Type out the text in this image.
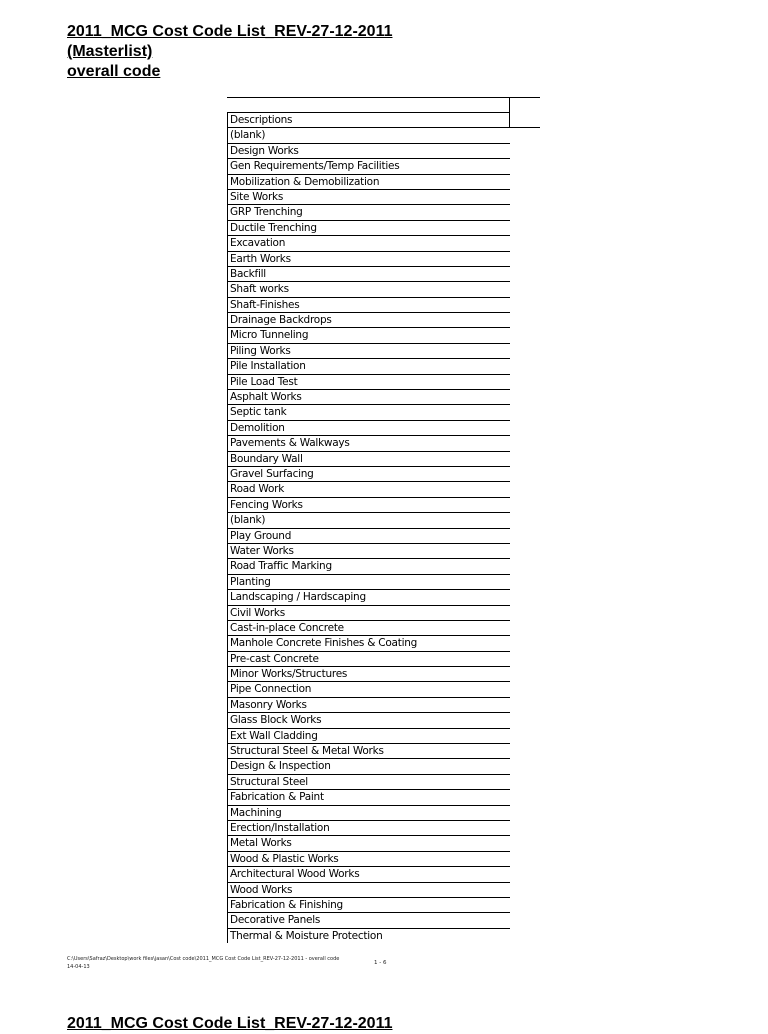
2011_MCG Cost Code List_REV-27-12-2011
(Masterlist)
overall code
Descriptions
(blank)
Design Works
Gen Requirements/Temp Facilities
Mobilization & Demobilization
Site Works
GRP Trenching
Ductile Trenching
Excavation
Earth Works
Backfill
Shaft works
Shaft-Finishes
Drainage Backdrops
Micro Tunneling
Piling Works
Pile Installation
Pile Load Test
Asphalt Works
Septic tank
Demolition
Pavements & Walkways
Boundary Wall
Gravel Surfacing
Road Work
Fencing Works
(blank)
Play Ground
Water Works
Road Traffic Marking
Planting
Landscaping / Hardscaping
Civil Works
Cast-in-place Concrete
Manhole Concrete Finishes & Coating
Pre-cast Concrete
Minor Works/Structures
Pipe Connection
Masonry Works
Glass Block Works
Ext Wall Cladding
Structural Steel & Metal Works
Design & Inspection
Structural Steel
Fabrication & Paint
Machining
Erection/Installation
Metal Works
Wood & Plastic Works
Architectural Wood Works
Wood Works
Fabrication & Finishing
Decorative Panels
Thermal & Moisture Protection
C:\Users\Safraz\Desktop\work files\jasan\Cost code\2011_MCG Cost Code List_REV-27-12-2011 - overall code
14-04-13
1 - 6
2011_MCG Cost Code List_REV-27-12-2011
